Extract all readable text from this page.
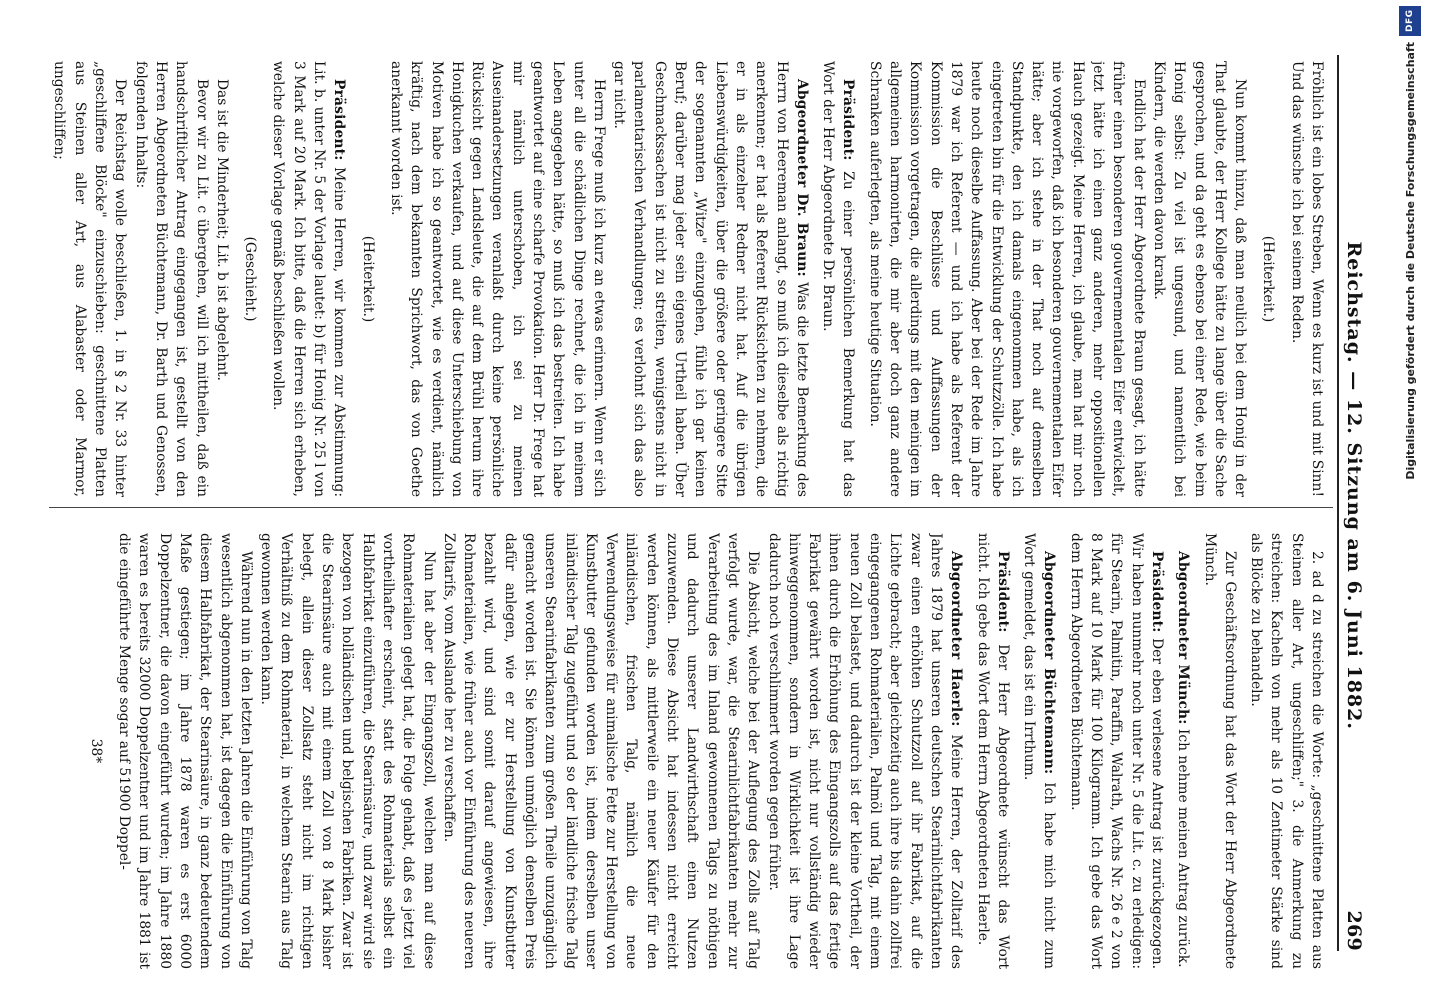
Reichstag. — 12. Sitzung am 6. Juni 1882.
269

Fröhlich ist ein lobes Streben, Wenn es kurz ist und mit Sinn! Und das wünsche ich bei seinem Reden.

(Heiterkeit.)

Nun kommt hinzu, daß man neulich bei dem Honig in der That glaubte, der Herr Kollege hätte zu lange über die Sache gesprochen, und da geht es ebenso bei einer Rede, wie beim Honig selbst: Zu viel ist ungesund, und namentlich bei Kindern, die werden davon krank.

Endlich hat der Herr Abgeordnete Braun gesagt, ich hätte früher einen besonderen gouvernementalen Eifer entwickelt, jetzt hätte ich einen ganz anderen, mehr oppositionellen Hauch gezeigt. Meine Herren, ich glaube, man hat mir noch nie vorgeworfen, daß ich besonderen gouvernementalen Eifer hätte; aber ich stehe in der That noch auf demselben Standpunkte, den ich damals eingenommen habe, als ich eingetreten bin für die Entwicklung der Schutzzölle. Ich habe heute noch dieselbe Auffassung. Aber bei der Rede im Jahre 1879 war ich Referent — und ich habe als Referent der Kommission die Beschlüsse und Auffassungen der Kommission vorgetragen, die allerdings mit den meinigen im allgemeinen harmonirten, die mir aber doch ganz andere Schranken auferlegten, als meine heutige Situation.

Präsident: Zu einer persönlichen Bemerkung hat das Wort der Herr Abgeordnete Dr. Braun.

Abgeordneter Dr. Braun: Was die letzte Bemerkung des Herrn von Heereman anlangt, so muß ich dieselbe als richtig anerkennen; er hat als Referent Rücksichten zu nehmen, die er in als einzelner Redner nicht hat. Auf die übrigen Liebenswürdigkeiten, über die größere oder geringere Sitte der sogenannten „Witze" einzugehen, fühle ich gar keinen Beruf; darüber mag jeder sein eigenes Urtheil haben. Über Geschmackssachen ist nicht zu streiten, wenigstens nicht in parlamentarischen Verhandlungen; es verlohnt sich das also gar nicht.

Herrn Frege muß ich kurz an etwas erinnern. Wenn er sich unter all die schädlichen Dinge rechnet, die ich in meinem Leben angegeben hätte, so muß ich das bestreiten. Ich habe geantwortet auf eine scharfe Provokation. Herr Dr. Frege hat mir nämlich unterschoben, ich sei zu meinen Auseinandersetzungen veranlaßt durch keine persönliche Rücksicht gegen Landsleute, die auf dem Brühl herum ihre Honigkuchen verkaufen, und auf diese Unterschiebung von Motiven habe ich so geantwortet, wie es verdient, nämlich kräftig, nach dem bekannten Sprichwort, das von Goethe anerkannt worden ist.

(Heiterkeit.)

Präsident: Meine Herren, wir kommen zur Abstimmung: Lit. b. unter Nr. 5 der Vorlage lautet: b) für Honig Nr. 25 l von 3 Mark auf 20 Mark. Ich bitte, daß die Herren sich erheben, welche dieser Vorlage gemäß beschließen wollen.

(Geschieht.)

Das ist die Minderheit; Lit. b ist abgelehnt.

Bevor wir zu Lit. c übergehen, will ich mittheilen, daß ein handschriftlicher Antrag eingegangen ist, gestellt von den Herren Abgeordneten Büchtemann, Dr. Barth und Genossen, folgenden Inhalts:

Der Reichstag wolle beschließen, 1. in § 2 Nr. 33 hinter „geschliffene Blöcke" einzuschieben: geschnittene Platten aus Steinen aller Art, aus Alabaster oder Marmor, ungeschliffen;

2. ad d zu streichen die Worte: „geschnittene Platten aus Steinen aller Art, ungeschliffen;" 3. die Anmerkung zu streichen: Kacheln von mehr als 10 Zentimeter Stärke sind als Blöcke zu behandeln.

Zur Geschäftsordnung hat das Wort der Herr Abgeordnete Münch.

Abgeordneter Münch: Ich nehme meinen Antrag zurück.

Präsident: Der eben verlesene Antrag ist zurückgezogen. Wir haben nunmehr noch unter Nr. 5 die Lit. c. zu erledigen: für Stearin, Palmitin, Paraffin, Walrath, Wachs Nr. 26 e 2 von 8 Mark auf 10 Mark für 100 Kilogramm. Ich gebe das Wort dem Herrn Abgeordneten Büchtemann.

Abgeordneter Büchtemann: Ich habe mich nicht zum Wort gemeldet, das ist ein Irrthum.

Präsident: Der Herr Abgeordnete wünscht das Wort nicht. Ich gebe das Wort dem Herrn Abgeordneten Haerle.

Abgeordneter Haerle: Meine Herren, der Zolltarif des Jahres 1879 hat unseren deutschen Stearinlichtfabrikanten zwar einen erhöhten Schutzzoll auf ihr Fabrikat, auf die Lichte gebracht; aber gleichzeitig auch ihre bis dahin zollfrei eingegangenen Rohmaterialien, Palmöl und Talg, mit einem neuen Zoll belastet, und dadurch ist der kleine Vortheil, der ihnen durch die Erhöhung des Eingangszolls auf das fertige Fabrikat gewährt worden ist, nicht nur vollständig wieder hinweggenommen, sondern in Wirklichkeit ist ihre Lage dadurch noch verschlimmert worden gegen früher.

Die Absicht, welche bei der Auflegung des Zolls auf Talg verfolgt wurde, war, die Stearinlichtfabrikanten mehr zur Verarbeitung des im Inland gewonnenen Talgs zu nöthigen und dadurch unserer Landwirthschaft einen Nutzen zuzuwenden. Diese Absicht hat indessen nicht erreicht werden können, als mittlerweile ein neuer Käufer für den inländischen, frischen Talg, nämlich die neue Verwendungsweise für animalische Fette zur Herstellung von Kunstbutter gefunden worden ist, indem derselben unser inländischer Talg zugeführt und so der ländliche frische Talg unseren Stearinfabrikanten zum großen Theile unzugänglich gemacht worden ist. Sie können unmöglich denselben Preis dafür anlegen, wie er zur Herstellung von Kunstbutter bezahlt wird, und sind somit darauf angewiesen, ihre Rohmaterialien, wie früher auch vor Einführung des neueren Zolltarifs, vom Auslande her zu verschaffen.

Nun hat aber der Eingangszoll, welchen man auf diese Rohmaterialien gelegt hat, die Folge gehabt, daß es jetzt viel vortheilhafter erscheint, statt des Rohmaterials selbst ein Halbfabrikat einzuführen, die Stearinsäure, und zwar wird sie bezogen von holländischen und belgischen Fabriken. Zwar ist die Stearinsäure auch mit einem Zoll von 8 Mark bisher belegt, allein dieser Zollsatz steht nicht im richtigen Verhältniß zu dem Rohmaterial, in welchem Stearin aus Talg gewonnen werden kann.

Während nun in den letzten Jahren die Einführung von Talg wesentlich abgenommen hat, ist dagegen die Einführung von diesem Halbfabrikat, der Stearinsäure, in ganz bedeutendem Maße gestiegen; im Jahre 1878 waren es erst 6000 Doppelzentner, die davon eingeführt wurden; im Jahre 1880 waren es bereits 32000 Doppelzentner und im Jahre 1881 ist die eingeführte Menge sogar auf 51900 Doppel-

38*

DFG
Digitalisierung gefördert durch die Deutsche Forschungsgemeinschaft
